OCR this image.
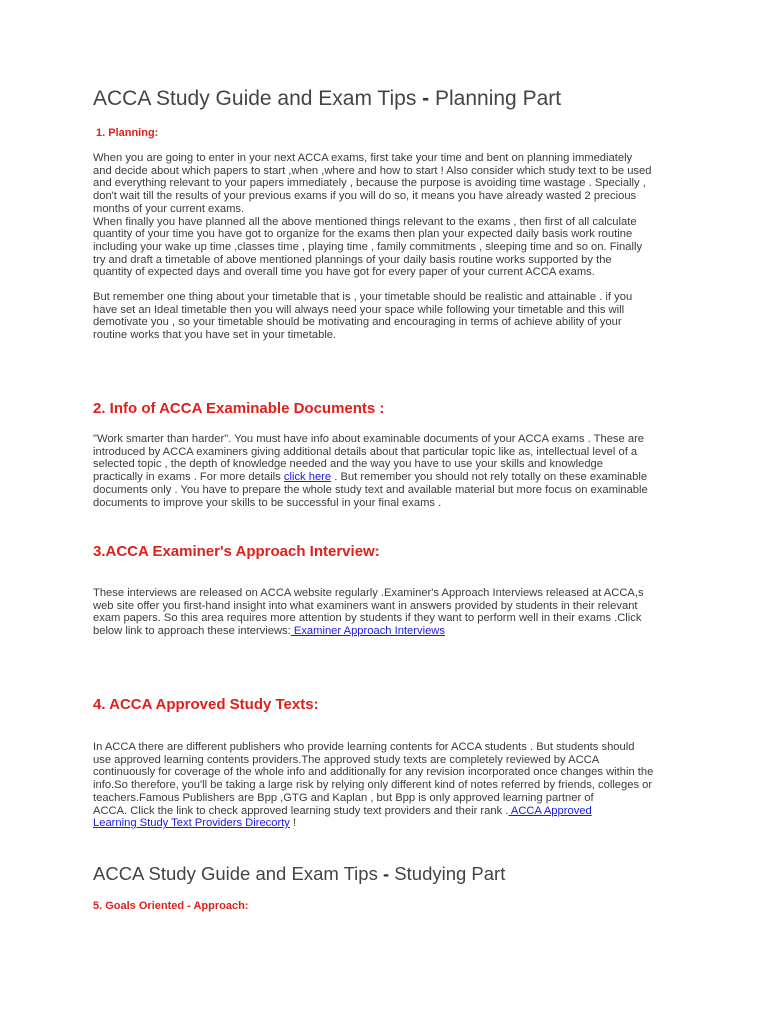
ACCA Study Guide and Exam Tips - Planning Part
1. Planning:
When you are going to enter in your next ACCA exams, first take your time and bent on planning immediately
and decide about which papers to start ,when ,where and how to start ! Also consider which study text to be used
and everything relevant to your papers immediately , because the purpose is avoiding time wastage . Specially ,
don't wait till the results of your previous exams if you will do so, it means you have already wasted 2 precious
months of your current exams.
When finally you have planned all the above mentioned things relevant to the exams , then first of all calculate
quantity of your time you have got to organize for the exams then plan your expected daily basis work routine
including your wake up time ,classes time , playing time , family commitments , sleeping time and so on. Finally
try and draft a timetable of above mentioned plannings of your daily basis routine works supported by the
quantity of expected days and overall time you have got for every paper of your current ACCA exams.
But remember one thing about your timetable that is , your timetable should be realistic and attainable . if you
have set an Ideal timetable then you will always need your space while following your timetable and this will
demotivate you , so your timetable should be motivating and encouraging in terms of achieve ability of your
routine works that you have set in your timetable.
2. Info of ACCA Examinable Documents :
"Work smarter than harder". You must have info about examinable documents of your ACCA exams . These are
introduced by ACCA examiners giving additional details about that particular topic like as, intellectual level of a
selected topic , the depth of knowledge needed and the way you have to use your skills and knowledge
practically in exams . For more details click here . But remember you should not rely totally on these examinable
documents only . You have to prepare the whole study text and available material but more focus on examinable
documents to improve your skills to be successful in your final exams .
3.ACCA Examiner's Approach Interview:
These interviews are released on ACCA website regularly .Examiner's Approach Interviews released at ACCA,s
web site offer you first-hand insight into what examiners want in answers provided by students in their relevant
exam papers. So this area requires more attention by students if they want to perform well in their exams .Click
below link to approach these interviews: Examiner Approach Interviews
4. ACCA Approved Study Texts:
In ACCA there are different publishers who provide learning contents for ACCA students . But students should
use approved learning contents providers.The approved study texts are completely reviewed by ACCA
continuously for coverage of the whole info and additionally for any revision incorporated once changes within the
info.So therefore, you'll be taking a large risk by relying only different kind of notes referred by friends, colleges or
teachers.Famous Publishers are Bpp ,GTG and Kaplan , but Bpp is only approved learning partner of
ACCA. Click the link to check approved learning study text providers and their rank . ACCA Approved
Learning Study Text Providers Direcorty !
ACCA Study Guide and Exam Tips - Studying Part
5. Goals Oriented - Approach:
